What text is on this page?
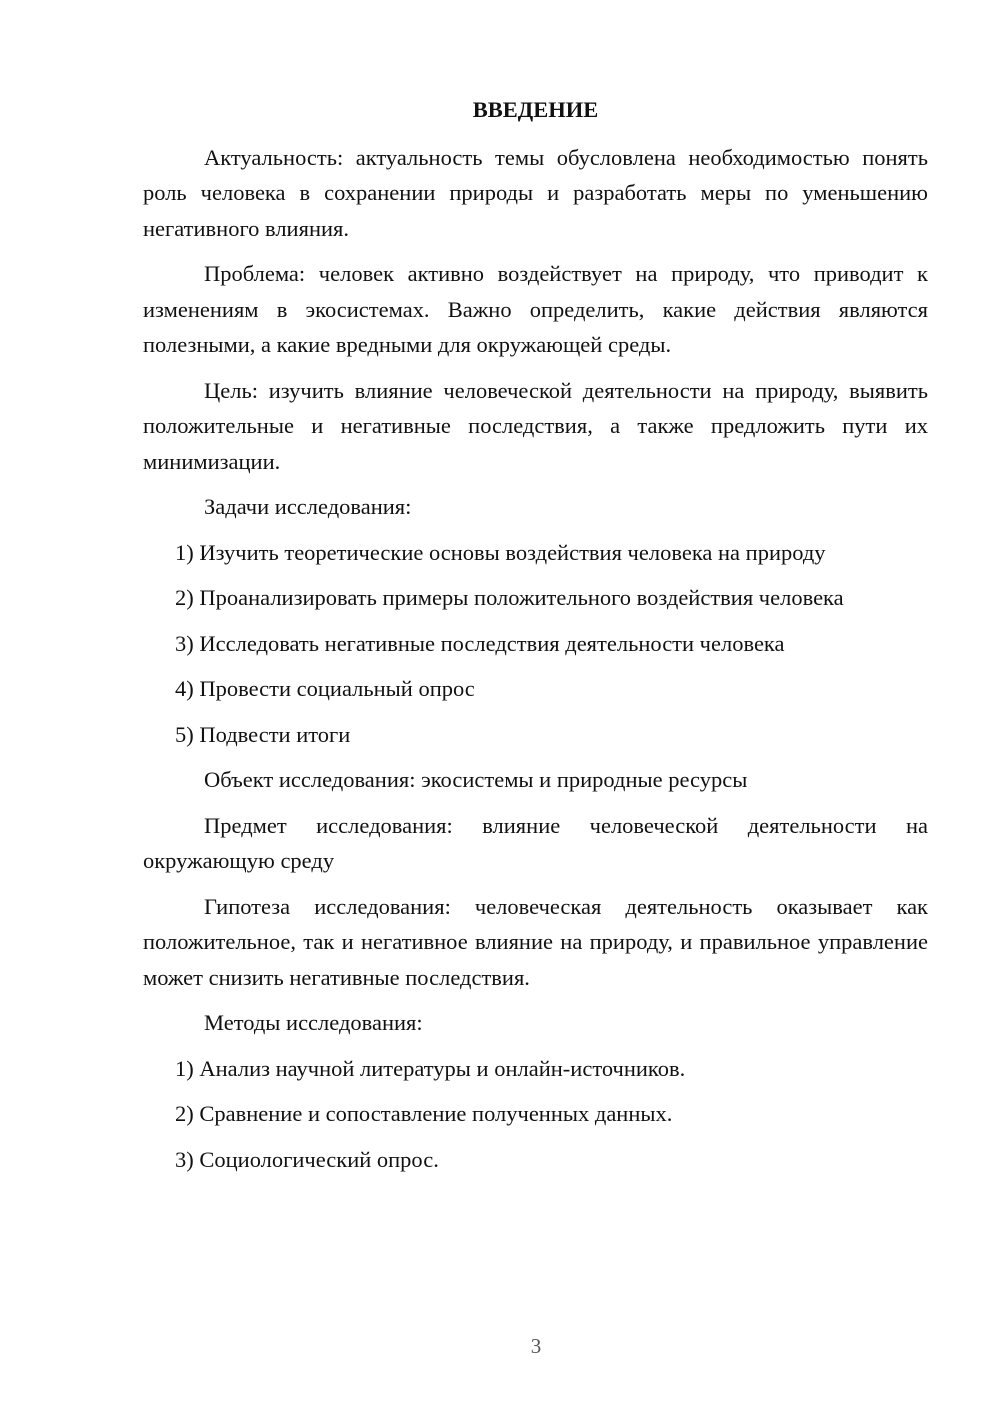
ВВЕДЕНИЕ

Актуальность: актуальность темы обусловлена необходимостью понять роль человека в сохранении природы и разработать меры по уменьшению негативного влияния.

Проблема: человек активно воздействует на природу, что приводит к изменениям в экосистемах. Важно определить, какие действия являются полезными, а какие вредными для окружающей среды.

Цель: изучить влияние человеческой деятельности на природу, выявить положительные и негативные последствия, а также предложить пути их минимизации.

Задачи исследования:
1) Изучить теоретические основы воздействия человека на природу
2) Проанализировать примеры положительного воздействия человека
3) Исследовать негативные последствия деятельности человека
4) Провести социальный опрос
5) Подвести итоги
Объект исследования: экосистемы и природные ресурсы

Предмет исследования: влияние человеческой деятельности на окружающую среду

Гипотеза исследования: человеческая деятельность оказывает как положительное, так и негативное влияние на природу, и правильное управление может снизить негативные последствия.

Методы исследования:
1) Анализ научной литературы и онлайн-источников.
2) Сравнение и сопоставление полученных данных.
3) Социологический опрос.
3
